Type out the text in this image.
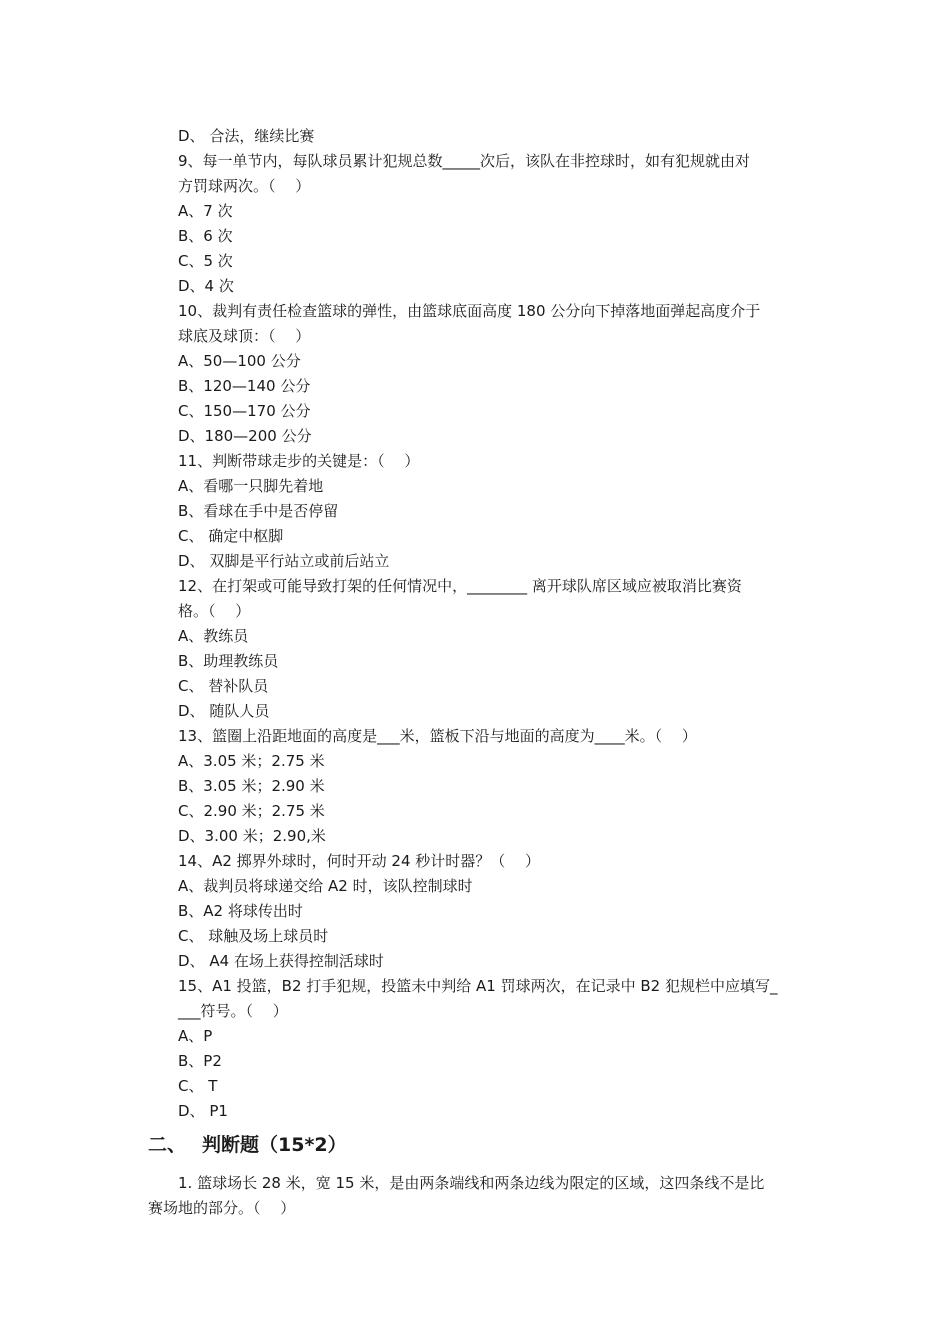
D、 合法，继续比赛
9、每一单节内，每队球员累计犯规总数_____次后，该队在非控球时，如有犯规就由对
方罚球两次。（　 ）
A、7 次
B、6 次
C、5 次
D、4 次
10、裁判有责任检查篮球的弹性，由篮球底面高度 180 公分向下掉落地面弹起高度介于
球底及球顶：（　 ）
A、50—100 公分
B、120—140 公分
C、150—170 公分
D、180—200 公分
11、判断带球走步的关键是：（　 ）
A、看哪一只脚先着地
B、看球在手中是否停留
C、 确定中枢脚
D、 双脚是平行站立或前后站立
12、在打架或可能导致打架的任何情况中，________ 离开球队席区域应被取消比赛资
格。（　 ）
A、教练员
B、助理教练员
C、 替补队员
D、 随队人员
13、篮圈上沿距地面的高度是___米，篮板下沿与地面的高度为____米。（　 ）
A、3.05 米；2.75 米
B、3.05 米；2.90 米
C、2.90 米；2.75 米
D、3.00 米；2.90,米
14、A2 掷界外球时，何时开动 24 秒计时器？（　 ）
A、裁判员将球递交给 A2 时，该队控制球时
B、A2 将球传出时
C、 球触及场上球员时
D、 A4 在场上获得控制活球时
15、A1 投篮，B2 打手犯规，投篮未中判给 A1 罚球两次，在记录中 B2 犯规栏中应填写_
___符号。（　 ）
A、P
B、P2
C、 T
D、 P1
二、 判断题（15*2）
1. 篮球场长 28 米，宽 15 米，是由两条端线和两条边线为限定的区域，这四条线不是比
赛场地的部分。（　 ）
